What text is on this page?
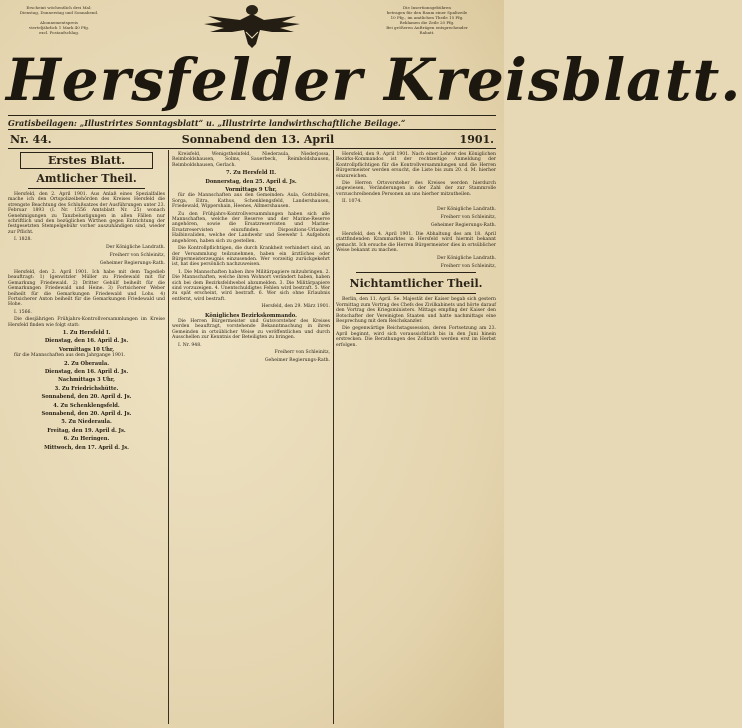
Erscheint wöchentlich drei Mal:
Dienstag, Donnerstag und Sonnabend.

Abonnementspreis
vierteljährlich 1 Mark 40 Pfg.
excl. Postaufschlag.
Die Insertionsgebühren
betragen für den Raum einer Spaltzeile
10 Pfg., im amtlichen Theile 15 Pfg.
Reklamen die Zeile 20 Pfg.
Bei größeren Aufträgen entsprechender
Rabatt.
Hersfelder Kreisblatt.
Gratisbeilagen: „Illustrirtes Sonntagsblatt“ u. „Illustrirte landwirthschaftliche Beilage.“
Nr. 44.	Sonnabend den 13. April	1901.
Erstes Blatt.
Amtlicher Theil.
Hersfeld, den 2. April 1901. Aus Anlaß eines Spezialfalles mache ich den Ortspolizeibehörden des Kreises Hersfeld die strengste Beachtung des Schlußsatzes der Ausführungen unter 23. Februar 1893 (I. Nr. 1556 Amtsblatt Nr. 25) wonach Genehmigungen zu Tanzbelustigungen in allen Fällen nur schriftlich und den bezüglichen Wirthen gegen Entrichtung der festgesetzten Stempelgebühr vorher auszuhändigen sind, wieder zur Pflicht.
I. 1828.
Der Königliche Landrath.
Freiherr von Schleinitz,
Geheimer Regierungs-Rath.
Hersfeld, den 2. April 1901. Ich habe mit dem Tagedieb beauftragt: 1) Igenwitzler Müller zu Friedewald mit für Gemarkung Friedewald. 2) Dritter Gehülf beiheilt für die Gemarkungen Friedewald und Heine. 3) Fortsicherer Weber beiheilt für die Gemarkungen Friedewald und Lohs. 4) Fortsicherer Anton beiheilt für die Gemarkungen Friedewald und Hohe.
I. 1566.
Die diesjährigen Frühjahrs-Kontrollversammlungen im Kreise Hersfeld finden wie folgt statt:
1. Zu Hersfeld I.
Dienstag, den 16. April d. Js.
Vormittags 10 Uhr,
für die Mannschaften aus dem Jahrgange 1901.
2. Zu Oberaula.
Dienstag, den 16. April d. Js.
Nachmittags 3 Uhr,
3. Zu Friedrichshütte.
Sonnabend, den 20. April d. Js.
4. Zu Schenklengsfeld.
Sonnabend, den 20. April d. Js.
5. Zu Niederaula.
Freitag, den 19. April d. Js.
6. Zu Heringen.
Mittwoch, den 17. April d. Js.
Kreisfeld, Wenigstheinfeld, Niederaula, Niederjossa, Reimboldshausen, Solms, Sauerbeck, Reimboldshausen, Reimboldshausen, Gerlach.
7. Zu Hersfeld II.
Donnerstag, den 25. April d. Js.
Vormittags 9 Uhr,
für die Mannschaften aus den Gemeinden: Aula, Gottsbüren, Sorga, Eitra, Kathus, Schenklengsfeld, Landershausen, Friedewald, Wippershain, Heenes, Allmershausen.
Zu den Frühjahrs-Kontrollversammlungen haben sich alle Mannschaften, welche der Reserve und der Marine-Reserve angehören, sowie die Ersatzreservisten und Marine-Ersatzreservisten einzufinden. Dispositions-Urlauber, Halbinvaliden, welche der Landwehr und Seewehr I. Aufgebots angehören, haben sich zu gestellen.
Die Kontrollpflichtigen, die durch Krankheit verhindert sind, an der Versammlung teilzunehmen, haben ein ärztliches oder Bürgermeisterzeugnis einzusenden. Wer vorzeitig zurückgekehrt ist, hat dies persönlich nachzuweisen.
1. Die Mannschaften haben ihre Militärpapiere mitzubringen. 2. Die Mannschaften, welche ihren Wohnort verändert haben, haben sich bei dem Bezirksfeldwebel abzumelden. 3. Die Militärpapiere sind vorzuzeigen. 4. Unentschuldigtes Fehlen wird bestraft. 5. Wer zu spät erscheint, wird bestraft. 6. Wer sich ohne Erlaubnis entfernt, wird bestraft.
Hersfeld, den 29. März 1901.
Königliches Bezirkskommando.
Die Herren Bürgermeister und Gutsvorsteher des Kreises werden beauftragt, vorstehende Bekanntmachung in ihren Gemeinden in ortsüblicher Weise zu veröffentlichen und durch Ausschellen zur Kenntnis der Beteiligten zu bringen.
I. Nr. 948.
Freiherr von Schleinitz,
Geheimer Regierungs-Rath.
Hersfeld, den 9. April 1901. Nach einer Lehrer des Königlichen Bezirks-Kommandos ist der rechtzeitige Anmeldung der Kontrollpflichtigen für die Kontrollversammlungen und die Herren Bürgermeister werden ersucht, die Liste bis zum 20. d. M. hierher einzureichen.
Die Herren Ortsvorsteher des Kreises werden hierdurch angewiesen, Veränderungen in der Zahl der zur Stammrolle vorzuschreibenden Personen an uns hierher mitzutheilen.
II. 1074.
Der Königliche Landrath.
Freiherr von Schleinitz,
Geheimer Regierungs-Rath.
Hersfeld, den 4. April 1901. Die Abhaltung des am 18. April stattfindenden Krammarktes in Hersfeld wird hiermit bekannt gemacht. Ich ersuche die Herren Bürgermeister dies in ortsüblicher Weise bekannt zu machen.
Der Königliche Landrath.
Freiherr von Schleinitz,
Nichtamtlicher Theil.
Berlin, den 11. April. Se. Majestät der Kaiser begab sich gestern Vormittag zum Vortrag des Chefs des Zivilkabinets und hörte darauf den Vortrag des Kriegsministers. Mittags empfing der Kaiser den Botschafter der Vereinigten Staaten und hatte nachmittags eine Besprechung mit dem Reichskanzler.
Die gegenwärtige Reichstagssession, deren Fortsetzung am 23. April beginnt, wird sich voraussichtlich bis in den Juni hinein erstrecken. Die Berathungen des Zolltarifs werden erst im Herbst erfolgen.
